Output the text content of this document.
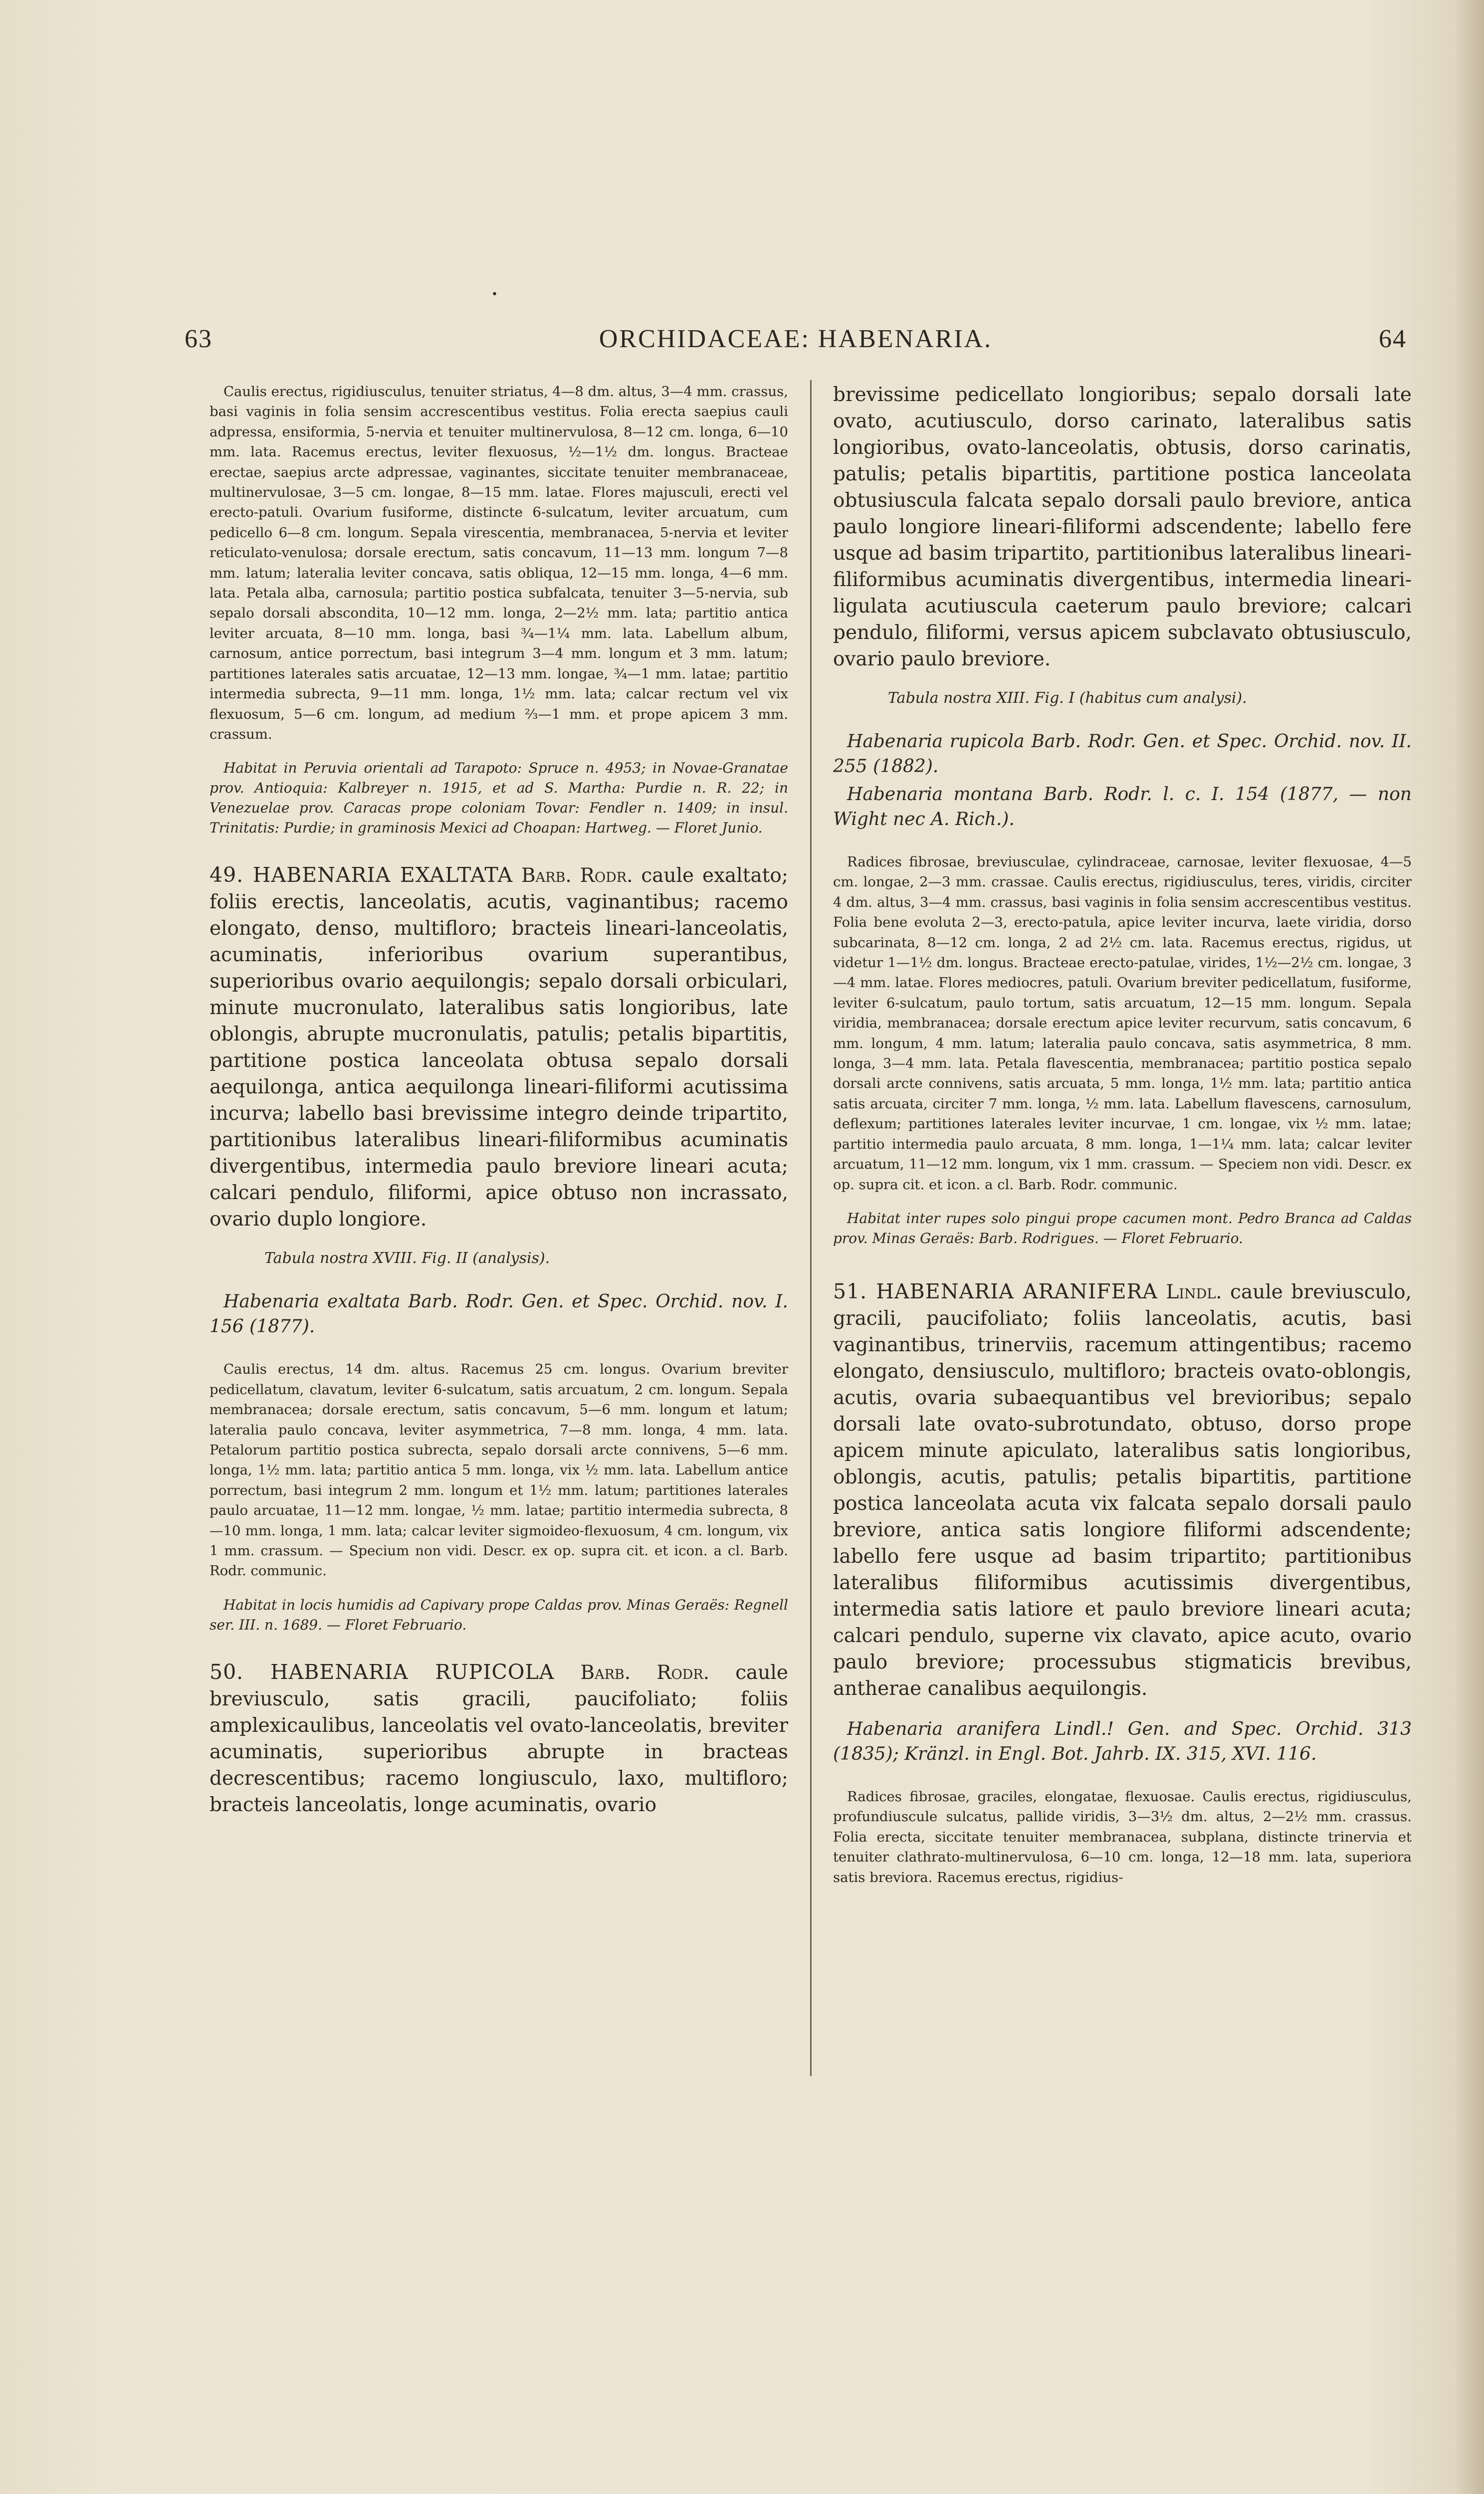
•
63	ORCHIDACEAE: HABENARIA.	64

Caulis erectus, rigidiusculus, tenuiter striatus, 4—8 dm. altus, 3—4 mm. crassus, basi vaginis in folia sensim accrescentibus vestitus. Folia erecta saepius cauli adpressa, ensiformia, 5-nervia et tenuiter multinervulosa, 8—12 cm. longa, 6—10 mm. lata. Racemus erectus, leviter flexuosus, ½—1½ dm. longus. Bracteae erectae, saepius arcte adpressae, vaginantes, siccitate tenuiter membranaceae, multinervulosae, 3—5 cm. longae, 8—15 mm. latae. Flores majusculi, erecti vel erecto-patuli. Ovarium fusiforme, distincte 6-sulcatum, leviter arcuatum, cum pedicello 6—8 cm. longum. Sepala virescentia, membranacea, 5-nervia et leviter reticulato-venulosa; dorsale erectum, satis concavum, 11—13 mm. longum 7—8 mm. latum; lateralia leviter concava, satis obliqua, 12—15 mm. longa, 4—6 mm. lata. Petala alba, carnosula; partitio postica subfalcata, tenuiter 3—5-nervia, sub sepalo dorsali abscondita, 10—12 mm. longa, 2—2½ mm. lata; partitio antica leviter arcuata, 8—10 mm. longa, basi ¾—1¼ mm. lata. Labellum album, carnosum, antice porrectum, basi integrum 3—4 mm. longum et 3 mm. latum; partitiones laterales satis arcuatae, 12—13 mm. longae, ¾—1 mm. latae; partitio intermedia subrecta, 9—11 mm. longa, 1½ mm. lata; calcar rectum vel vix flexuosum, 5—6 cm. longum, ad medium ⅔—1 mm. et prope apicem 3 mm. crassum.

Habitat in Peruvia orientali ad Tarapoto: Spruce n. 4953; in Novae-Granatae prov. Antioquia: Kalbreyer n. 1915, et ad S. Martha: Purdie n. R. 22; in Venezuelae prov. Caracas prope coloniam Tovar: Fendler n. 1409; in insul. Trinitatis: Purdie; in graminosis Mexici ad Choapan: Hartweg. — Floret Junio.

49. HABENARIA EXALTATA Barb. Rodr. caule exaltato; foliis erectis, lanceolatis, acutis, vaginantibus; racemo elongato, denso, multifloro; bracteis lineari-lanceolatis, acuminatis, inferioribus ovarium superantibus, superioribus ovario aequilongis; sepalo dorsali orbiculari, minute mucronulato, lateralibus satis longioribus, late oblongis, abrupte mucronulatis, patulis; petalis bipartitis, partitione postica lanceolata obtusa sepalo dorsali aequilonga, antica aequilonga lineari-filiformi acutissima incurva; labello basi brevissime integro deinde tripartito, partitionibus lateralibus lineari-filiformibus acuminatis divergentibus, intermedia paulo breviore lineari acuta; calcari pendulo, filiformi, apice obtuso non incrassato, ovario duplo longiore.

Tabula nostra XVIII. Fig. II (analysis).

Habenaria exaltata Barb. Rodr. Gen. et Spec. Orchid. nov. I. 156 (1877).

Caulis erectus, 14 dm. altus. Racemus 25 cm. longus. Ovarium breviter pedicellatum, clavatum, leviter 6-sulcatum, satis arcuatum, 2 cm. longum. Sepala membranacea; dorsale erectum, satis concavum, 5—6 mm. longum et latum; lateralia paulo concava, leviter asymmetrica, 7—8 mm. longa, 4 mm. lata. Petalorum partitio postica subrecta, sepalo dorsali arcte connivens, 5—6 mm. longa, 1½ mm. lata; partitio antica 5 mm. longa, vix ½ mm. lata. Labellum antice porrectum, basi integrum 2 mm. longum et 1½ mm. latum; partitiones laterales paulo arcuatae, 11—12 mm. longae, ½ mm. latae; partitio intermedia subrecta, 8—10 mm. longa, 1 mm. lata; calcar leviter sigmoideo-flexuosum, 4 cm. longum, vix 1 mm. crassum. — Specium non vidi. Descr. ex op. supra cit. et icon. a cl. Barb. Rodr. communic.

Habitat in locis humidis ad Capivary prope Caldas prov. Minas Geraës: Regnell ser. III. n. 1689. — Floret Februario.

50. HABENARIA RUPICOLA Barb. Rodr. caule breviusculo, satis gracili, paucifoliato; foliis amplexicaulibus, lanceolatis vel ovato-lanceolatis, breviter acuminatis, superioribus abrupte in bracteas decrescentibus; racemo longiusculo, laxo, multifloro; bracteis lanceolatis, longe acuminatis, ovario

brevissime pedicellato longioribus; sepalo dorsali late ovato, acutiusculo, dorso carinato, lateralibus satis longioribus, ovato-lanceolatis, obtusis, dorso carinatis, patulis; petalis bipartitis, partitione postica lanceolata obtusiuscula falcata sepalo dorsali paulo breviore, antica paulo longiore lineari-filiformi adscendente; labello fere usque ad basim tripartito, partitionibus lateralibus lineari-filiformibus acuminatis divergentibus, intermedia lineari-ligulata acutiuscula caeterum paulo breviore; calcari pendulo, filiformi, versus apicem subclavato obtusiusculo, ovario paulo breviore.

Tabula nostra XIII. Fig. I (habitus cum analysi).

Habenaria rupicola Barb. Rodr. Gen. et Spec. Orchid. nov. II. 255 (1882).

Habenaria montana Barb. Rodr. l. c. I. 154 (1877, — non Wight nec A. Rich.).

Radices fibrosae, breviusculae, cylindraceae, carnosae, leviter flexuosae, 4—5 cm. longae, 2—3 mm. crassae. Caulis erectus, rigidiusculus, teres, viridis, circiter 4 dm. altus, 3—4 mm. crassus, basi vaginis in folia sensim accrescentibus vestitus. Folia bene evoluta 2—3, erecto-patula, apice leviter incurva, laete viridia, dorso subcarinata, 8—12 cm. longa, 2 ad 2½ cm. lata. Racemus erectus, rigidus, ut videtur 1—1½ dm. longus. Bracteae erecto-patulae, virides, 1½—2½ cm. longae, 3—4 mm. latae. Flores mediocres, patuli. Ovarium breviter pedicellatum, fusiforme, leviter 6-sulcatum, paulo tortum, satis arcuatum, 12—15 mm. longum. Sepala viridia, membranacea; dorsale erectum apice leviter recurvum, satis concavum, 6 mm. longum, 4 mm. latum; lateralia paulo concava, satis asymmetrica, 8 mm. longa, 3—4 mm. lata. Petala flavescentia, membranacea; partitio postica sepalo dorsali arcte connivens, satis arcuata, 5 mm. longa, 1½ mm. lata; partitio antica satis arcuata, circiter 7 mm. longa, ½ mm. lata. Labellum flavescens, carnosulum, deflexum; partitiones laterales leviter incurvae, 1 cm. longae, vix ½ mm. latae; partitio intermedia paulo arcuata, 8 mm. longa, 1—1¼ mm. lata; calcar leviter arcuatum, 11—12 mm. longum, vix 1 mm. crassum. — Speciem non vidi. Descr. ex op. supra cit. et icon. a cl. Barb. Rodr. communic.

Habitat inter rupes solo pingui prope cacumen mont. Pedro Branca ad Caldas prov. Minas Geraës: Barb. Rodrigues. — Floret Februario.

51. HABENARIA ARANIFERA Lindl. caule breviusculo, gracili, paucifoliato; foliis lanceolatis, acutis, basi vaginantibus, trinerviis, racemum attingentibus; racemo elongato, densiusculo, multifloro; bracteis ovato-oblongis, acutis, ovaria subaequantibus vel brevioribus; sepalo dorsali late ovato-subrotundato, obtuso, dorso prope apicem minute apiculato, lateralibus satis longioribus, oblongis, acutis, patulis; petalis bipartitis, partitione postica lanceolata acuta vix falcata sepalo dorsali paulo breviore, antica satis longiore filiformi adscendente; labello fere usque ad basim tripartito; partitionibus lateralibus filiformibus acutissimis divergentibus, intermedia satis latiore et paulo breviore lineari acuta; calcari pendulo, superne vix clavato, apice acuto, ovario paulo breviore; processubus stigmaticis brevibus, antherae canalibus aequilongis.

Habenaria aranifera Lindl.! Gen. and Spec. Orchid. 313 (1835); Kränzl. in Engl. Bot. Jahrb. IX. 315, XVI. 116.

Radices fibrosae, graciles, elongatae, flexuosae. Caulis erectus, rigidiusculus, profundiuscule sulcatus, pallide viridis, 3—3½ dm. altus, 2—2½ mm. crassus. Folia erecta, siccitate tenuiter membranacea, subplana, distincte trinervia et tenuiter clathrato-multinervulosa, 6—10 cm. longa, 12—18 mm. lata, superiora satis breviora. Racemus erectus, rigidius-
